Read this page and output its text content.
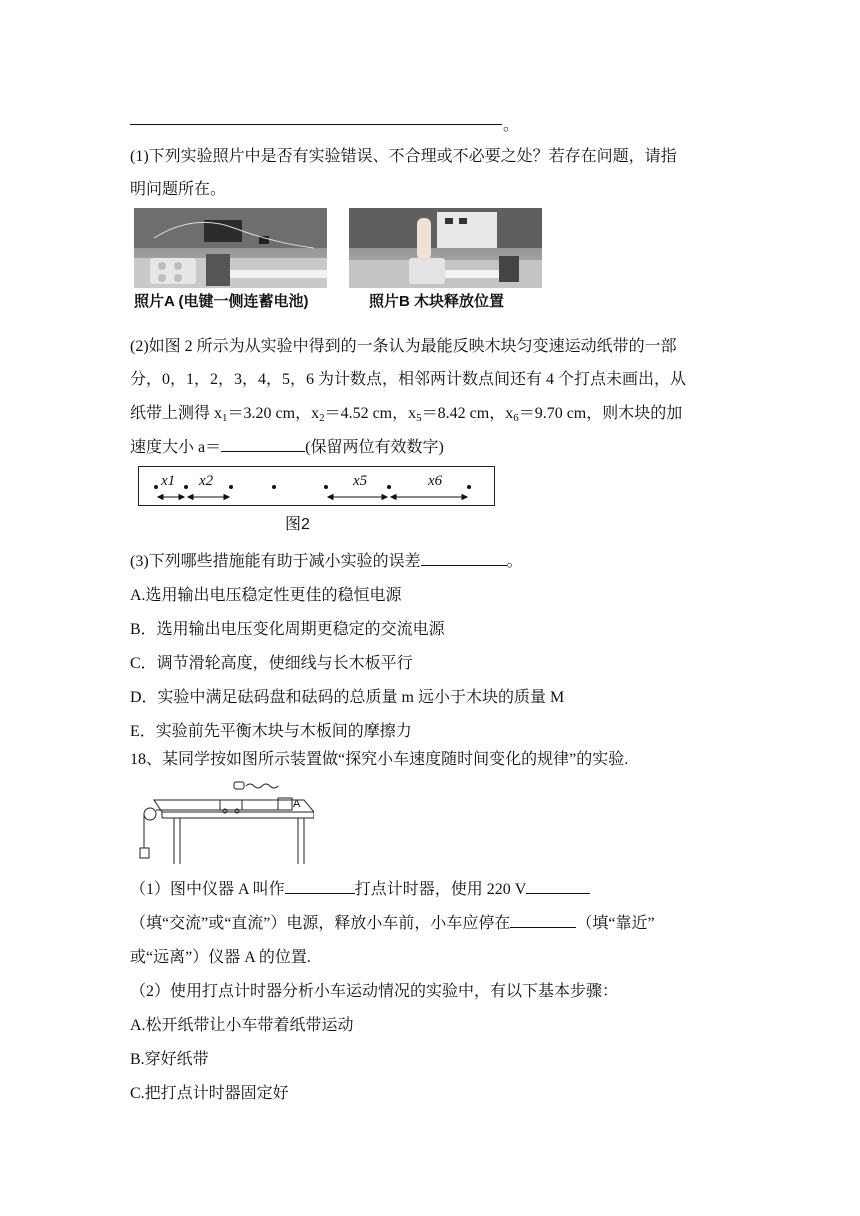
。
(1)下列实验照片中是否有实验错误、不合理或不必要之处？若存在问题，请指
明问题所在。
照片A (电键一侧连蓄电池)	照片B 木块释放位置
(2)如图 2 所示为从实验中得到的一条认为最能反映木块匀变速运动纸带的一部
分，0，1，2，3，4，5，6 为计数点，相邻两计数点间还有 4 个打点未画出，从
纸带上测得 $x_1=3.20$ cm，$x_2=4.52$ cm，$x_5=8.42$ cm，$x_6=9.70$ cm，则木块的加
速度大小 a＝	(保留两位有效数字)
x1 x2	x5	x6
图2
(3)下列哪些措施能有助于减小实验的误差	。
A.选用输出电压稳定性更佳的稳恒电源
B．选用输出电压变化周期更稳定的交流电源
C．调节滑轮高度，使细线与长木板平行
D．实验中满足砝码盘和砝码的总质量 m 远小于木块的质量 M
E．实验前先平衡木块与木板间的摩擦力
18、某同学按如图所示装置做“探究小车速度随时间变化的规律”的实验.
A
（1）图中仪器 A 叫作	打点计时器，使用 220 V
（填“交流”或“直流”）电源，释放小车前，小车应停在	（填“靠近”
或“远离”）仪器 A 的位置.
（2）使用打点计时器分析小车运动情况的实验中，有以下基本步骤：
A.松开纸带让小车带着纸带运动
B.穿好纸带
C.把打点计时器固定好
